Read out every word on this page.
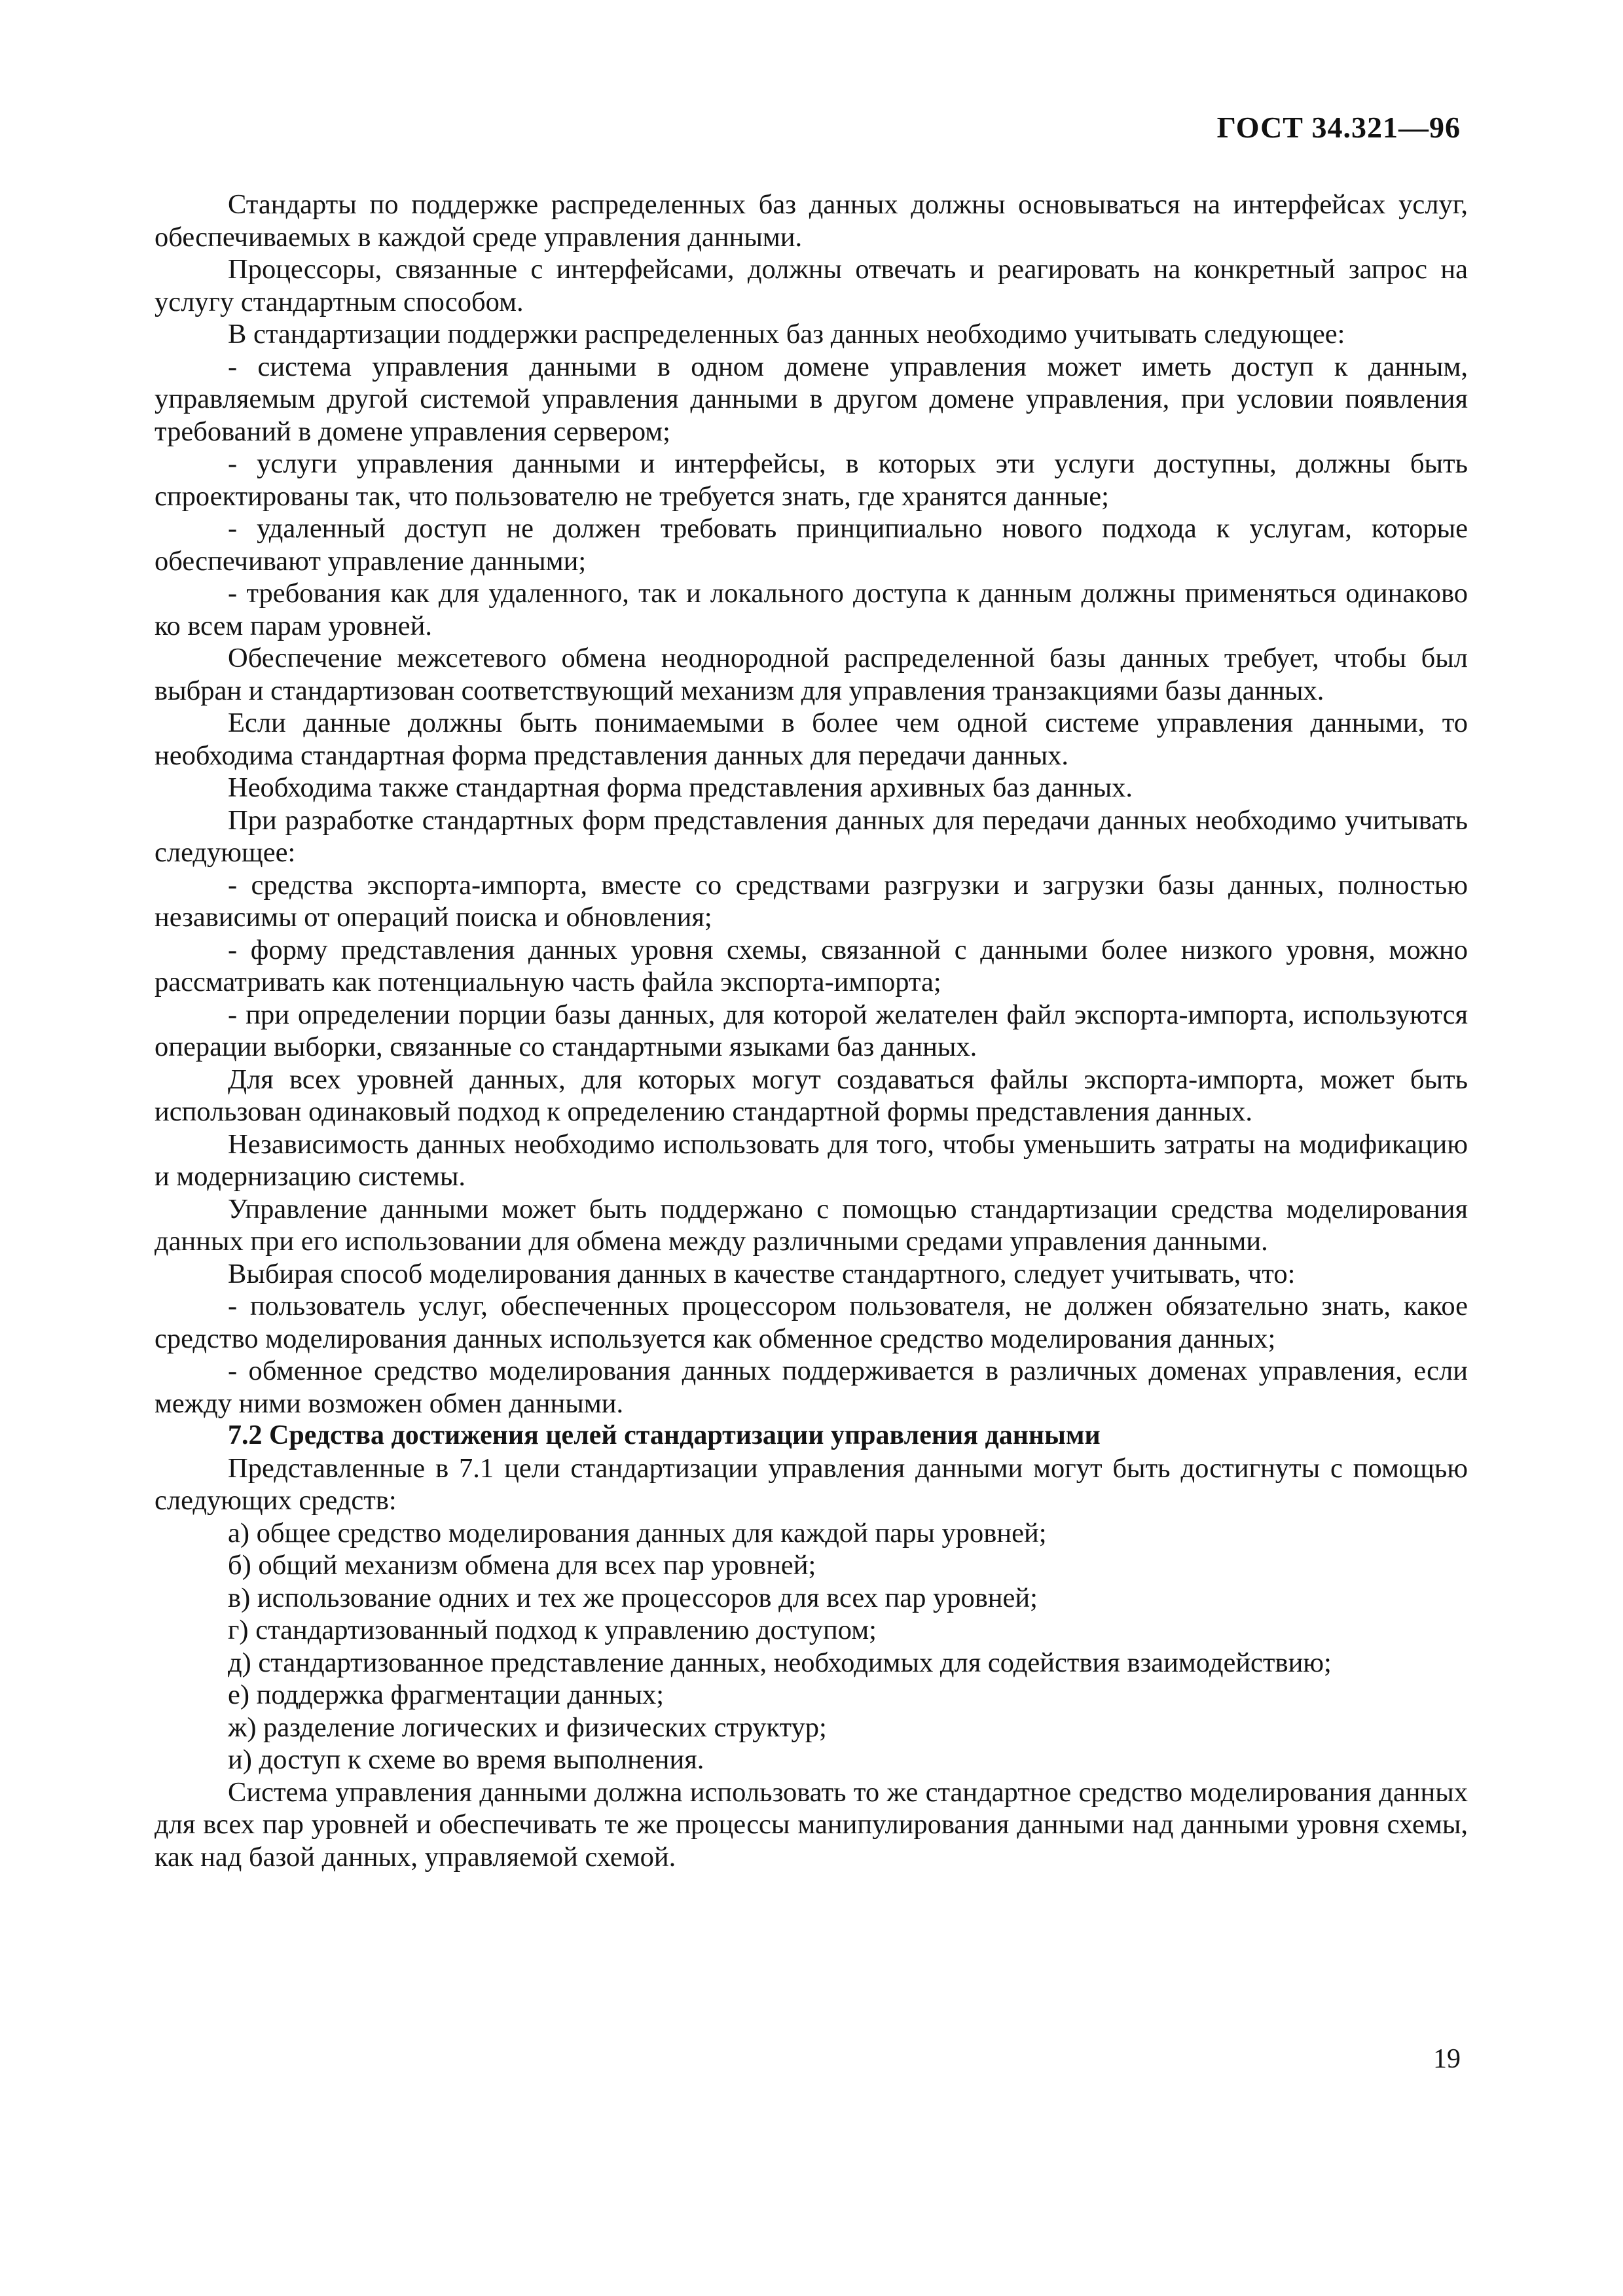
ГОСТ 34.321—96

Стандарты по поддержке распределенных баз данных должны основываться на интерфейсах услуг, обеспечиваемых в каждой среде управления данными.

Процессоры, связанные с интерфейсами, должны отвечать и реагировать на конкретный запрос на услугу стандартным способом.

В стандартизации поддержки распределенных баз данных необходимо учитывать следующее:

- система управления данными в одном домене управления может иметь доступ к данным, управляемым другой системой управления данными в другом домене управления, при условии появления требований в домене управления сервером;

- услуги управления данными и интерфейсы, в которых эти услуги доступны, должны быть спроектированы так, что пользователю не требуется знать, где хранятся данные;

- удаленный доступ не должен требовать принципиально нового подхода к услугам, которые обеспечивают управление данными;

- требования как для удаленного, так и локального доступа к данным должны применяться одинаково ко всем парам уровней.

Обеспечение межсетевого обмена неоднородной распределенной базы данных требует, чтобы был выбран и стандартизован соответствующий механизм для управления транзакциями базы данных.

Если данные должны быть понимаемыми в более чем одной системе управления данными, то необходима стандартная форма представления данных для передачи данных.

Необходима также стандартная форма представления архивных баз данных.

При разработке стандартных форм представления данных для передачи данных необходимо учитывать следующее:

- средства экспорта-импорта, вместе со средствами разгрузки и загрузки базы данных, полностью независимы от операций поиска и обновления;

- форму представления данных уровня схемы, связанной с данными более низкого уровня, можно рассматривать как потенциальную часть файла экспорта-импорта;

- при определении порции базы данных, для которой желателен файл экспорта-импорта, используются операции выборки, связанные со стандартными языками баз данных.

Для всех уровней данных, для которых могут создаваться файлы экспорта-импорта, может быть использован одинаковый подход к определению стандартной формы представления данных.

Независимость данных необходимо использовать для того, чтобы уменьшить затраты на модификацию и модернизацию системы.

Управление данными может быть поддержано с помощью стандартизации средства моделирования данных при его использовании для обмена между различными средами управления данными.

Выбирая способ моделирования данных в качестве стандартного, следует учитывать, что:

- пользователь услуг, обеспеченных процессором пользователя, не должен обязательно знать, какое средство моделирования данных используется как обменное средство моделирования данных;

- обменное средство моделирования данных поддерживается в различных доменах управления, если между ними возможен обмен данными.

7.2 Средства достижения целей стандартизации управления данными

Представленные в 7.1 цели стандартизации управления данными могут быть достигнуты с помощью следующих средств:

а) общее средство моделирования данных для каждой пары уровней;

б) общий механизм обмена для всех пар уровней;

в) использование одних и тех же процессоров для всех пар уровней;

г) стандартизованный подход к управлению доступом;

д) стандартизованное представление данных, необходимых для содействия взаимодействию;

е) поддержка фрагментации данных;

ж) разделение логических и физических структур;

и) доступ к схеме во время выполнения.

Система управления данными должна использовать то же стандартное средство моделирования данных для всех пар уровней и обеспечивать те же процессы манипулирования данными над данными уровня схемы, как над базой данных, управляемой схемой.

19
